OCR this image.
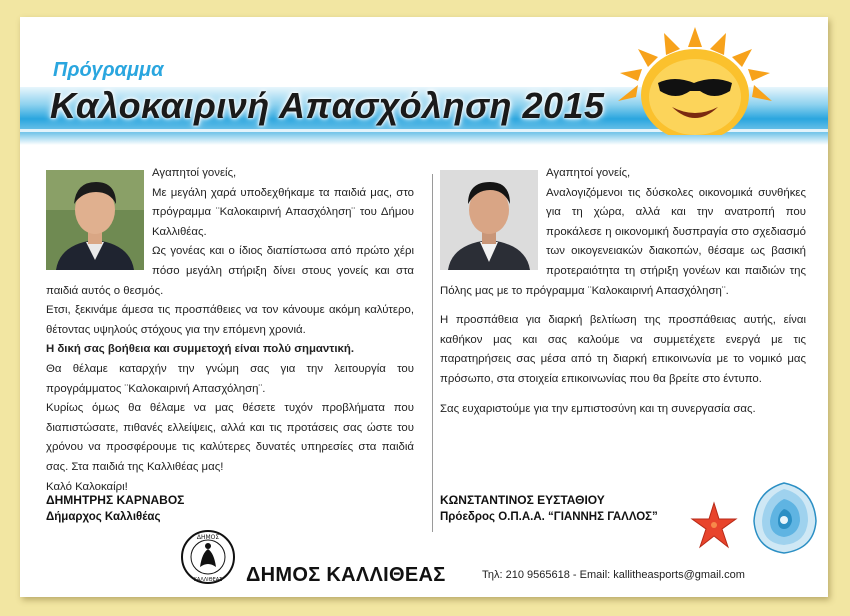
Πρόγραμμα
Καλοκαιρινή Απασχόληση 2015

Αγαπητοί γονείς,

Με μεγάλη χαρά υποδεχθήκαμε τα παιδιά μας, στο πρόγραμμα ¨Καλοκαιρινή Απασχόληση¨ του Δήμου Καλλιθέας.

Ως γονέας και ο ίδιος διαπίστωσα από πρώτο χέρι πόσο μεγάλη στήριξη δίνει στους γονείς και στα παιδιά αυτός ο θεσμός.

Ετσι, ξεκινάμε άμεσα τις προσπάθειες να τον κάνουμε ακόμη καλύτερο, θέτοντας υψηλούς στόχους για την επόμενη χρονιά.

Η δική σας βοήθεια και συμμετοχή είναι πολύ σημαντική.

Θα θέλαμε καταρχήν την γνώμη σας για την λειτουργία του προγράμματος ¨Καλοκαιρινή Απασχόληση¨.

Κυρίως όμως θα θέλαμε να μας θέσετε τυχόν προβλήματα που διαπιστώσατε, πιθανές ελλείψεις, αλλά και τις προτάσεις σας ώστε του χρόνου να προσφέρουμε τις καλύτερες δυνατές υπηρεσίες στα παιδιά σας. Στα παιδιά της Καλλιθέας μας!

Καλό Καλοκαίρι!

Αγαπητοί γονείς,

Αναλογιζόμενοι τις δύσκολες οικονομικά συνθήκες για τη χώρα, αλλά και την ανατροπή που προκάλεσε η οικονομική δυσπραγία στο σχεδιασμό των οικογενειακών διακοπών, θέσαμε ως βασική προτεραιότητα τη στήριξη γονέων και παιδιών της Πόλης μας με το πρόγραμμα ¨Καλοκαιρινή Απασχόληση¨.

Η προσπάθεια για διαρκή βελτίωση της προσπάθειας αυτής, είναι καθήκον μας και σας καλούμε να συμμετέχετε ενεργά με τις παρατηρήσεις σας μέσα από τη διαρκή επικοινωνία με το νομικό μας πρόσωπο, στα στοιχεία επικοινωνίας που θα βρείτε στο έντυπο.

Σας ευχαριστούμε για την εμπιστοσύνη και τη συνεργασία σας.

ΔΗΜΗΤΡΗΣ ΚΑΡΝΑΒΟΣ
Δήμαρχος Καλλιθέας
ΚΩΝΣΤΑΝΤΙΝΟΣ ΕΥΣΤΑΘΙΟΥ
Πρόεδρος Ο.Π.Α.Α. “ΓΙΑΝΝΗΣ ΓΑΛΛΟΣ”
ΔΗΜΟΣ
ΚΑΛΛΙΘΕΑΣ ΔΗΜΟΣ ΚΑΛΛΙΘΕΑΣ	Τηλ: 210 9565618 - Email: kallitheasports@gmail.com
